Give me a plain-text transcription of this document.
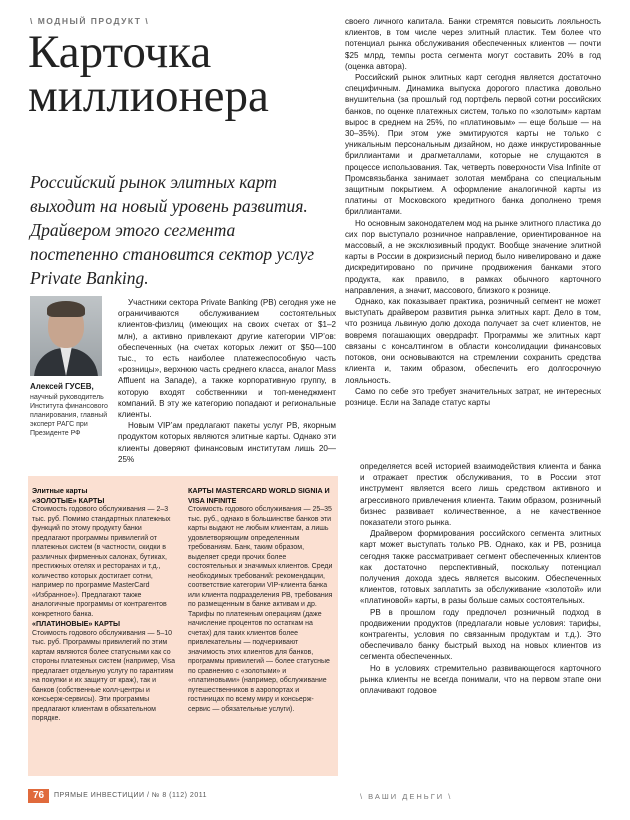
\ МОДНЫЙ ПРОДУКТ \
Карточка миллионера
Российский рынок элитных карт выходит на новый уровень развития. Драйвером этого сегмента постепенно становится сектор услуг Private Banking.
Алексей ГУСЕВ,
научный руководитель Института финансового планирования, главный эксперт РАГС при Президенте РФ

Участники сектора Private Banking (PB) сегодня уже не ограничиваются обслуживанием состоятельных клиентов-физлиц (имеющих на своих счетах от $1–2 млн), а активно привлекают другие категории VIP’ов: обеспеченных (на счетах которых лежит от $50—100 тыс., то есть наиболее платежеспособную часть «розницы», верхнюю часть среднего класса, аналог Mass Affluent на Западе), а также корпоративную группу, в которую входят собственники и топ-менеджмент компаний. В эту же категорию попадают и региональные клиенты.

Новым VIP’ам предлагают пакеты услуг PB, якорным продуктом которых являются элитные карты. Однако эти клиенты доверяют финансовым институтам лишь 20—25%

своего личного капитала. Банки стремятся повысить лояльность клиентов, в том числе через элитный пластик. Тем более что потенциал рынка обслуживания обеспеченных клиентов — почти $25 млрд, темпы роста сегмента могут составить 20% в год (оценка автора).

Российский рынок элитных карт сегодня является достаточно специфичным. Динамика выпуска дорогого пластика довольно внушительна (за прошлый год портфель первой сотни российских банков, по оценке платежных систем, только по «золотым» картам вырос в среднем на 25%, по «платиновым» — еще больше — на 30–35%). При этом уже эмитируются карты не только с уникальным персональным дизайном, но даже инкрустированные бриллиантами и драгметаллами, которые не слущаются в процессе использования. Так, четверть поверхности Visa Infinite от Промсвязьбанка занимает золотая мембрана со специальным защитным покрытием. А оформление аналогичной карты из платины от Московского кредитного банка дополнено тремя бриллиантами.

Но основным законодателем мод на рынке элитного пластика до сих пор выступало розничное направление, ориентированное на массовый, а не эксклюзивный продукт. Вообще значение элитной карты в России в докризисный период было нивелировано и даже дискредитировано по причине продвижения банками этого продукта, как правило, в рамках обычного карточного направления, а значит, массового, близкого к рознице.

Однако, как показывает практика, розничный сегмент не может выступать драйвером развития рынка элитных карт. Дело в том, что розница львиную долю дохода получает за счет клиентов, не вовремя погашающих овердрафт. Программы же элитных карт связаны с консалтингом в области консолидации финансовых потоков, они основываются на стремлении сохранить средства клиента и, таким образом, обеспечить его долгосрочную лояльность.

Само по себе это требует значительных затрат, не интересных рознице. Если на Западе статус карты

определяется всей историей взаимодействия клиента и банка и отражает престиж обслуживания, то в России этот инструмент является всего лишь средством активного и агрессивного привлечения клиента. Таким образом, розничный бизнес развивает количественное, а не качественное показатели этого рынка.

Драйвером формирования российского сегмента элитных карт может выступать только PB. Однако, как и PB, розница сегодня также рассматривает сегмент обеспеченных клиентов как достаточно перспективный, поскольку потенциал получения дохода здесь является высоким. Обеспеченных клиентов, готовых заплатить за обслуживание «золотой» или «платиновой» карты, в разы больше самых состоятельных.

PB в прошлом году предпочел розничный подход в продвижении продуктов (предлагали новые условия: тарифы, контрагенты, условия по связанным продуктам и т.д.). Это обеспечивало банку быстрый выход на новых клиентов из сегмента обеспеченных.

Но в условиях стремительно развивающегося карточного рынка клиенты не всегда понимали, что на первом этапе они оплачивают годовое

Элитные карты
«ЗОЛОТЫЕ» КАРТЫ

Стоимость годового обслуживания — 2–3 тыс. руб. Помимо стандартных платежных функций по этому продукту банки предлагают программы привилегий от платежных систем (в частности, скидки в различных фирменных салонах, бутиках, престижных отелях и ресторанах и т.д., количество которых достигает сотни, например по программе MasterCard «Избранное»). Предлагают также аналогичные программы от контрагентов конкретного банка.

«ПЛАТИНОВЫЕ» КАРТЫ

Стоимость годового обслуживания — 5–10 тыс. руб. Программы привилегий по этим картам являются более статусными как со стороны платежных систем (например, Visa предлагает отдельную услугу по гарантиям на покупки и их защиту от краж), так и банков (собственные колл-центры и консьерж-сервисы). Эти программы предлагают клиентам в обязательном порядке.

КАРТЫ MASTERCARD WORLD SIGNIA И VISA INFINITE

Стоимость годового обслуживания — 25–35 тыс. руб., однако в большинстве банков эти карты выдают не любым клиентам, а лишь удовлетворяющим определенным требованиям. Банк, таким образом, выделяет среди прочих более состоятельных и значимых клиентов. Среди необходимых требований: рекомендации, соответствие категории VIP-клиента банка или клиента подразделения PB, требования по размещенным в банке активам и др. Тарифы по платежным операциям (даже начисление процентов по остаткам на счетах) для таких клиентов более привлекательны — подчеркивают значимость этих клиентов для банков, программы привилегий — более статусные по сравнению с «золотыми» и «платиновыми» (например, обслуживание путешественников в аэропортах и гостиницах по всему миру и консьерж-сервис — обязательные услуги).

76	ПРЯМЫЕ ИНВЕСТИЦИИ / № 8 (112) 2011	\ ВАШИ ДЕНЬГИ \
